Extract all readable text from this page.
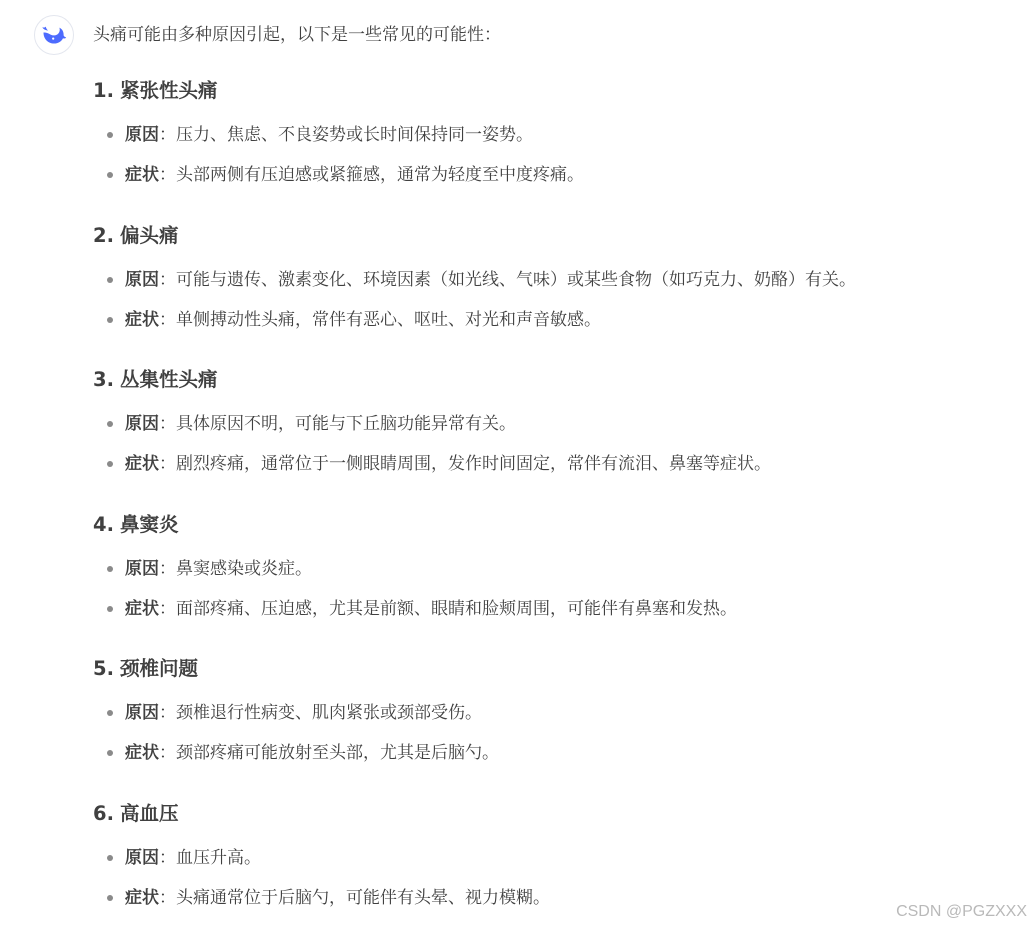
头痛可能由多种原因引起，以下是一些常见的可能性：

1. 紧张性头痛
原因：压力、焦虑、不良姿势或长时间保持同一姿势。
症状：头部两侧有压迫感或紧箍感，通常为轻度至中度疼痛。
2. 偏头痛
原因：可能与遗传、激素变化、环境因素（如光线、气味）或某些食物（如巧克力、奶酪）有关。
症状：单侧搏动性头痛，常伴有恶心、呕吐、对光和声音敏感。
3. 丛集性头痛
原因：具体原因不明，可能与下丘脑功能异常有关。
症状：剧烈疼痛，通常位于一侧眼睛周围，发作时间固定，常伴有流泪、鼻塞等症状。
4. 鼻窦炎
原因：鼻窦感染或炎症。
症状：面部疼痛、压迫感，尤其是前额、眼睛和脸颊周围，可能伴有鼻塞和发热。
5. 颈椎问题
原因：颈椎退行性病变、肌肉紧张或颈部受伤。
症状：颈部疼痛可能放射至头部，尤其是后脑勺。
6. 高血压
原因：血压升高。
症状：头痛通常位于后脑勺，可能伴有头晕、视力模糊。
CSDN @PGZXXX
